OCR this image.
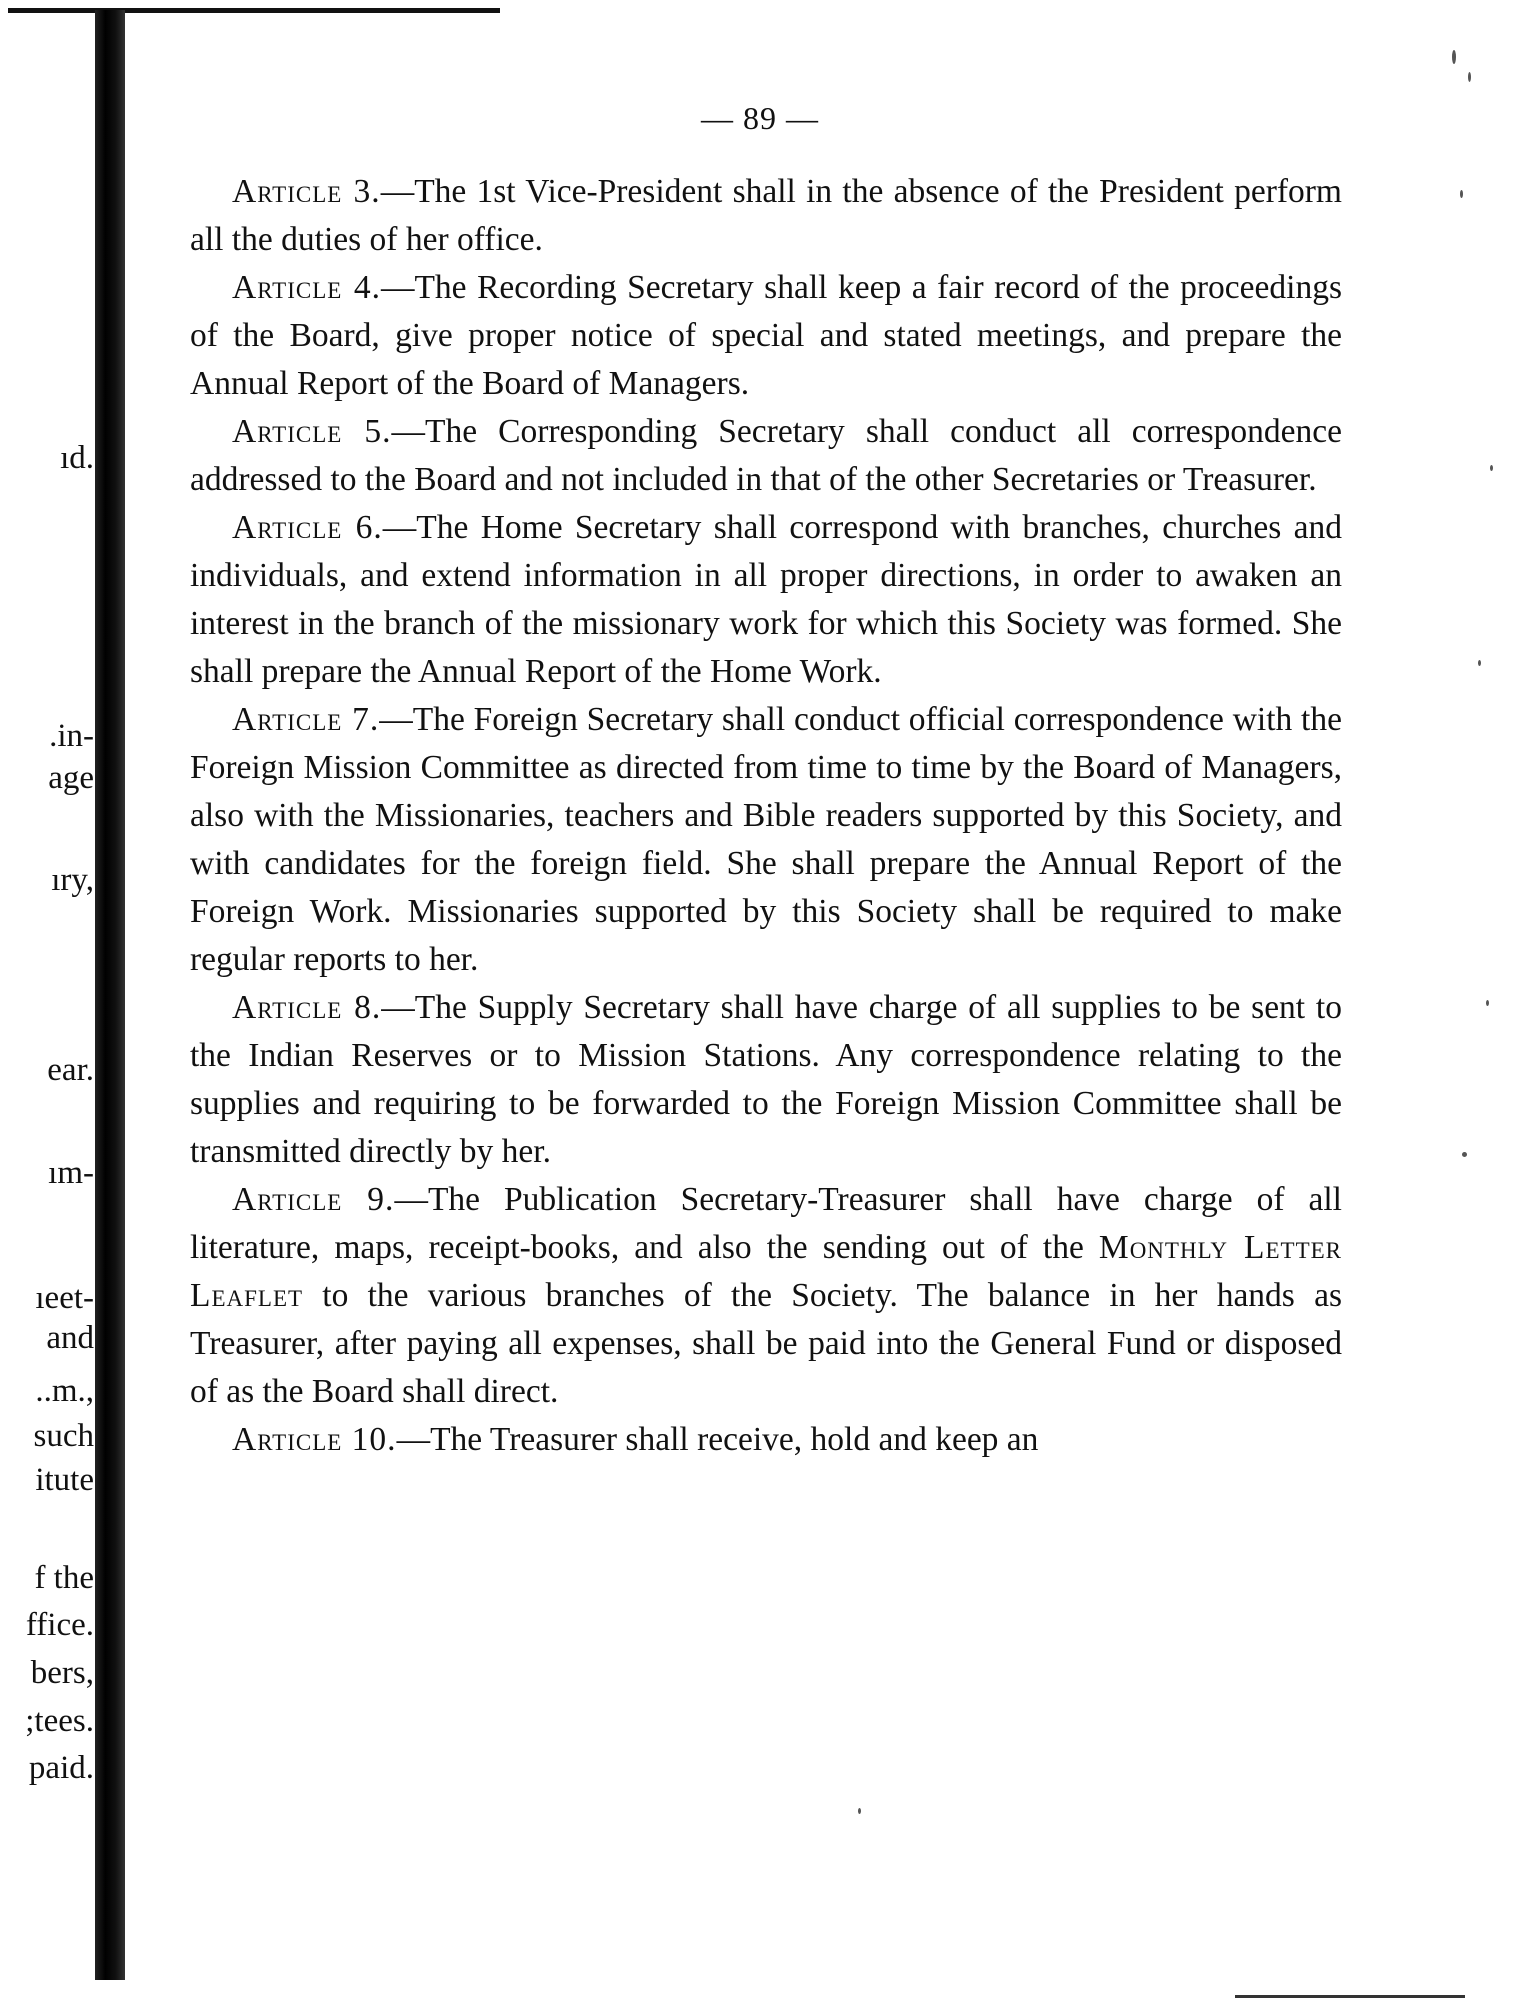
ıd.
.in-
age
ıry,
ear.
ım-
ıeet-
and
..m.,
such
itute
f the
ffice.
bers,
;tees.
paid.
— 89 —

Article 3.—The 1st Vice-President shall in the absence of the President perform all the duties of her office.

Article 4.—The Recording Secretary shall keep a fair record of the proceedings of the Board, give proper notice of special and stated meetings, and prepare the Annual Report of the Board of Managers.

Article 5.—The Corresponding Secretary shall conduct all correspondence addressed to the Board and not included in that of the other Secretaries or Treasurer.

Article 6.—The Home Secretary shall correspond with branches, churches and individuals, and extend information in all proper directions, in order to awaken an interest in the branch of the missionary work for which this Society was formed. She shall prepare the Annual Report of the Home Work.

Article 7.—The Foreign Secretary shall conduct official correspondence with the Foreign Mission Committee as directed from time to time by the Board of Managers, also with the Missionaries, teachers and Bible readers supported by this Society, and with candidates for the foreign field. She shall prepare the Annual Report of the Foreign Work. Missionaries supported by this Society shall be required to make regular reports to her.

Article 8.—The Supply Secretary shall have charge of all supplies to be sent to the Indian Reserves or to Mission Stations. Any correspondence relating to the supplies and requiring to be forwarded to the Foreign Mission Committee shall be transmitted directly by her.

Article 9.—The Publication Secretary-Treasurer shall have charge of all literature, maps, receipt-books, and also the sending out of the Monthly Letter Leaflet to the various branches of the Society. The balance in her hands as Treasurer, after paying all expenses, shall be paid into the General Fund or disposed of as the Board shall direct.

Article 10.—The Treasurer shall receive, hold and keep an
